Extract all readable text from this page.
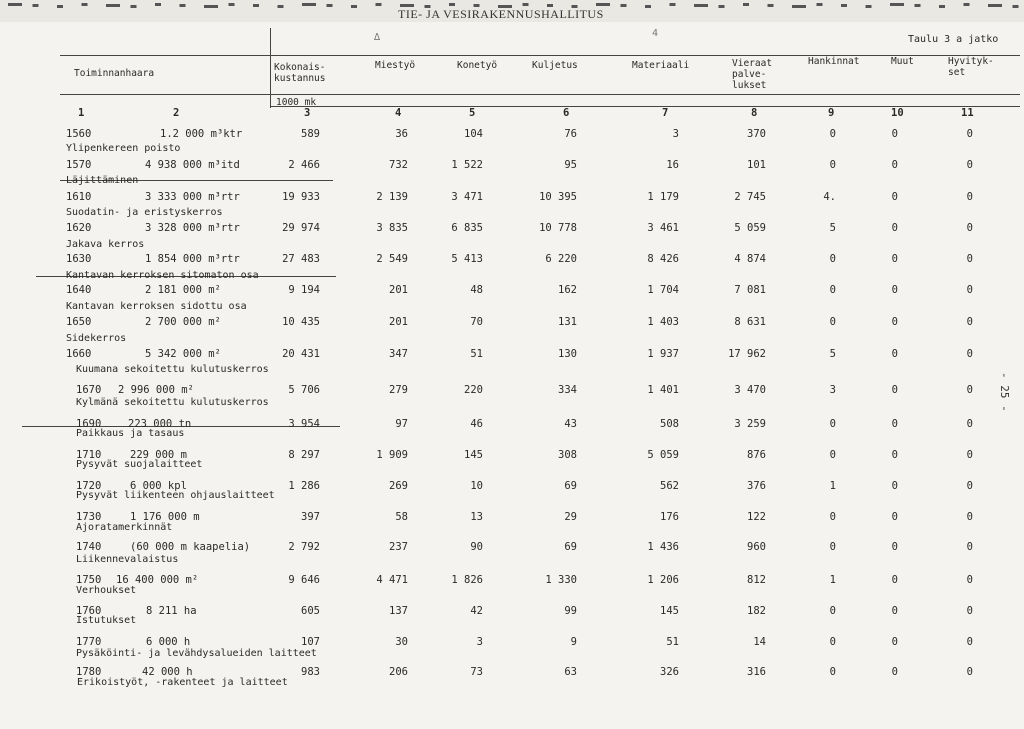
TIE- JA VESIRAKENNUSHALLITUS
∆	4
Taulu 3 a jatko
Toiminnanhaara
Kokonais-
kustannus
Miestyö	Konetyö	Kuljetus	Materiaali	Vieraat
palve-
lukset
Hankinnat	Muut	Hyvityk-
set
1000 mk
1	2	3	4	5	6	7	8	9	10	11
1560	1.2 000 m³ktr	589	36	104	76	3	370	0	0	0
Ylipenkereen poisto
1570	4 938 000 m³itd	2 466	732	1 522	95	16	101	0	0	0
Läjittäminen
1610	3 333 000 m³rtr	19 933	2 139	3 471	10 395	1 179	2 745	4.	0	0
Suodatin- ja eristyskerros
1620	3 328 000 m³rtr	29 974	3 835	6 835	10 778	3 461	5 059	5	0	0
Jakava kerros
1630	1 854 000 m³rtr	27 483	2 549	5 413	6 220	8 426	4 874	0	0	0
Kantavan kerroksen sitomaton osa
1640	2 181 000 m²	9 194	201	48	162	1 704	7 081	0	0	0
Kantavan kerroksen sidottu osa
1650	2 700 000 m²	10 435	201	70	131	1 403	8 631	0	0	0
Sidekerros
1660	5 342 000 m²	20 431	347	51	130	1 937	17 962	5	0	0
Kuumana sekoitettu kulutuskerros
1670 2 996 000 m²	5 706	279	220	334	1 401	3 470	3	0	0
Kylmänä sekoitettu kulutuskerros
1690	223 000 tn	3 954	97	46	43	508	3 259	0	0	0
Paikkaus ja tasaus
1710	229 000 m	8 297	1 909	145	308	5 059	876	0	0	0
Pysyvät suojalaitteet
1720	6 000 kpl	1 286	269	10	69	562	376	1	0	0
Pysyvät liikenteen ohjauslaitteet
1730	1 176 000 m	397	58	13	29	176	122	0	0	0
Ajoratamerkinnät
1740	(60 000 m kaapelia)	2 792	237	90	69	1 436	960	0	0	0
Liikennevalaistus
1750 16 400 000 m²	9 646	4 471	1 826	1 330	1 206	812	1	0	0
Verhoukset
1760	8 211 ha	605	137	42	99	145	182	0	0	0
Istutukset
1770	6 000 h	107	30	3	9	51	14	0	0	0
Pysäköinti- ja levähdysalueiden laitteet
1780	42 000 h	983	206	73	63	326	316	0	0	0
Erikoistyöt, -rakenteet ja laitteet
- 25 -
